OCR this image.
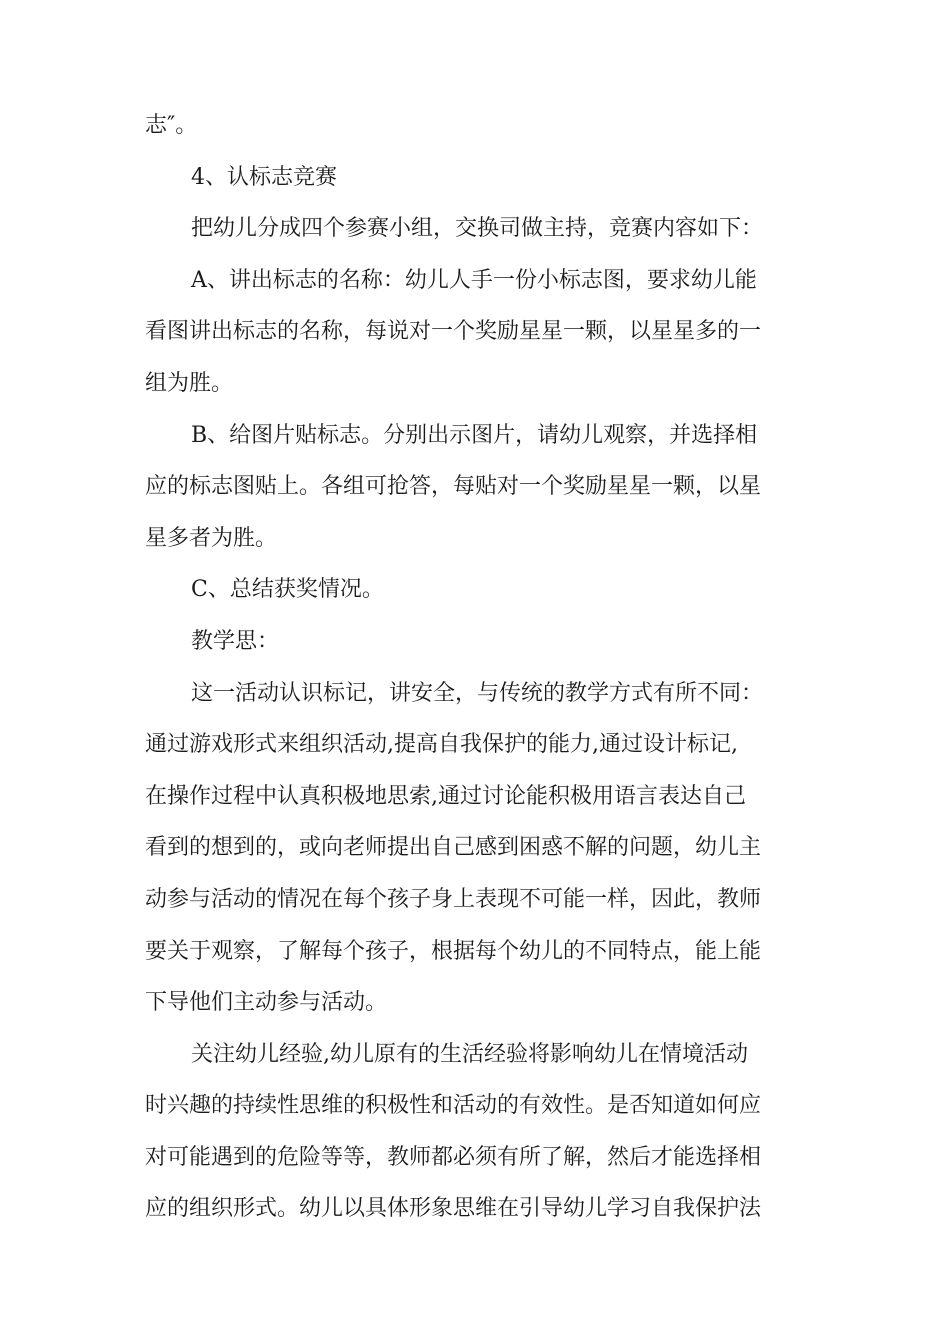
志″。
4、认标志竞赛
把幼儿分成四个参赛小组，交换司做主持，竞赛内容如下：
A、讲出标志的名称：幼儿人手一份小标志图，要求幼儿能
看图讲出标志的名称，每说对一个奖励星星一颗，以星星多的一
组为胜。
B、给图片贴标志。分别出示图片，请幼儿观察，并选择相
应的标志图贴上。各组可抢答，每贴对一个奖励星星一颗，以星
星多者为胜。
C、总结获奖情况。
教学思：
这一活动认识标记，讲安全，与传统的教学方式有所不同：
通过游戏形式来组织活动,提高自我保护的能力,通过设计标记,
在操作过程中认真积极地思索,通过讨论能积极用语言表达自己
看到的想到的，或向老师提出自己感到困惑不解的问题，幼儿主
动参与活动的情况在每个孩子身上表现不可能一样，因此，教师
要关于观察，了解每个孩子，根据每个幼儿的不同特点，能上能
下导他们主动参与活动。
关注幼儿经验,幼儿原有的生活经验将影响幼儿在情境活动
时兴趣的持续性思维的积极性和活动的有效性。是否知道如何应
对可能遇到的危险等等，教师都必须有所了解，然后才能选择相
应的组织形式。幼儿以具体形象思维在引导幼儿学习自我保护法
